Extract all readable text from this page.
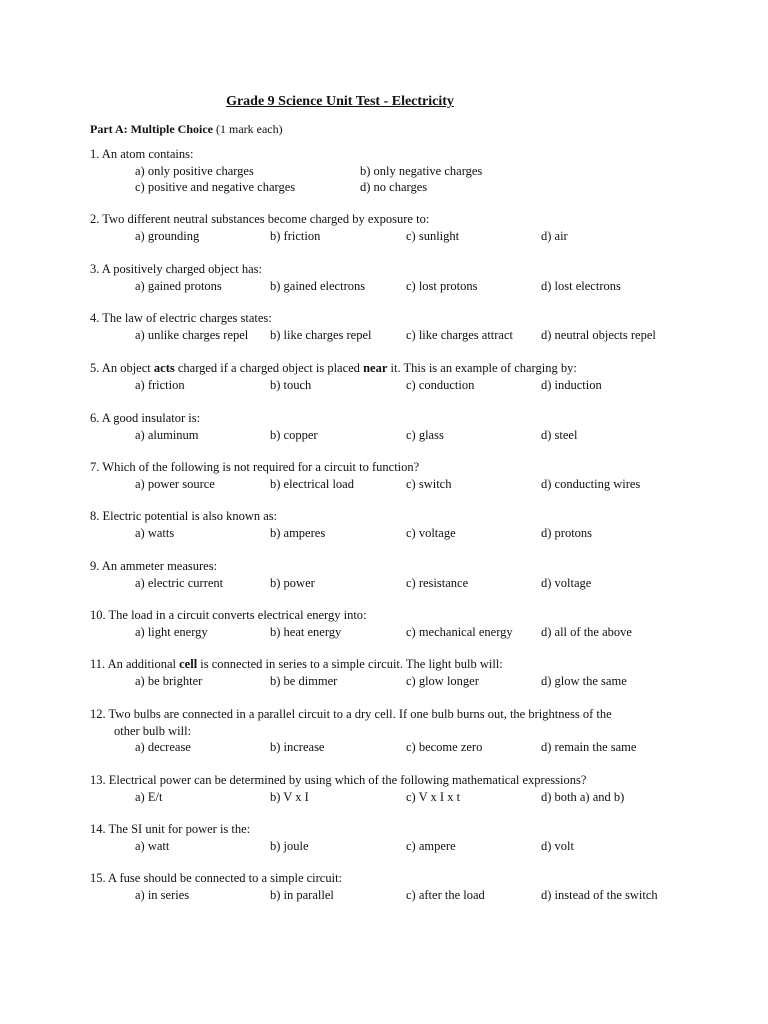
Grade 9 Science Unit Test - Electricity
Part A: Multiple Choice (1 mark each)
1. An atom contains:
a) only positive charges	b) only negative charges
c) positive and negative charges	d) no charges
2. Two different neutral substances become charged by exposure to:
a) grounding	b) friction	c) sunlight	d) air
3. A positively charged object has:
a) gained protons	b) gained electrons	c) lost protons	d) lost electrons
4. The law of electric charges states:
a) unlike charges repel b) like charges repel	c) like charges attract d) neutral objects repel
5. An object acts charged if a charged object is placed near it. This is an example of charging by:
a) friction	b) touch	c) conduction	d) induction
6. A good insulator is:
a) aluminum	b) copper	c) glass	d) steel
7. Which of the following is not required for a circuit to function?
a) power source	b) electrical load	c) switch	d) conducting wires
8. Electric potential is also known as:
a) watts	b) amperes	c) voltage	d) protons
9. An ammeter measures:
a) electric current	b) power	c) resistance	d) voltage
10. The load in a circuit converts electrical energy into:
a) light energy	b) heat energy	c) mechanical energy d) all of the above
11. An additional cell is connected in series to a simple circuit. The light bulb will:
a) be brighter	b) be dimmer	c) glow longer	d) glow the same
12. Two bulbs are connected in a parallel circuit to a dry cell. If one bulb burns out, the brightness of the
other bulb will:
a) decrease	b) increase	c) become zero	d) remain the same
13. Electrical power can be determined by using which of the following mathematical expressions?
a) E/t	b) V x I	c) V x I x t	d) both a) and b)
14. The SI unit for power is the:
a) watt	b) joule	c) ampere	d) volt
15. A fuse should be connected to a simple circuit:
a) in series	b) in parallel	c) after the load	d) instead of the switch
